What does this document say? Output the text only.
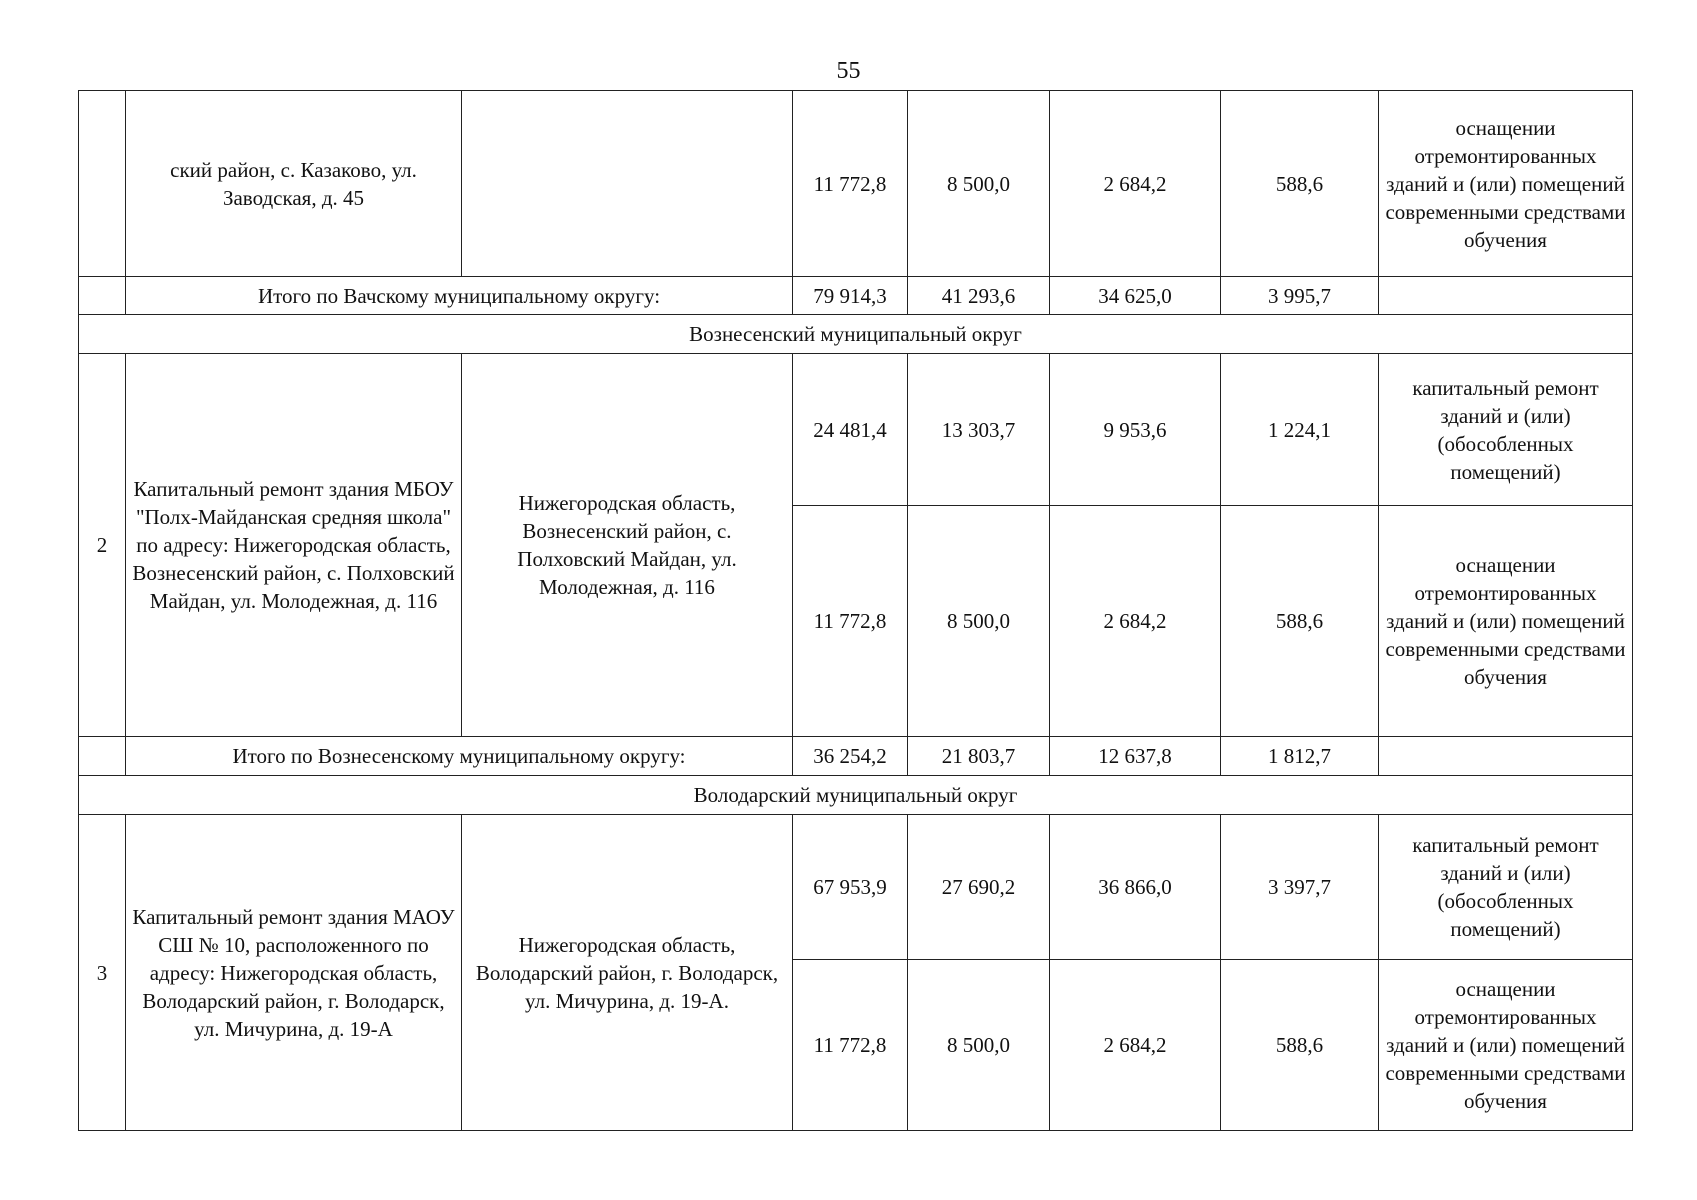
55
	ский район, с. Казаково, ул. Заводская, д. 45		11 772,8	8 500,0	2 684,2	588,6	оснащении отремонтированных зданий и (или) помещений современными средствами обучения
	Итого по Вачскому муниципальному округу:		79 914,3	41 293,6	34 625,0	3 995,7	
Вознесенский муниципальный округ							
2	Капитальный ремонт здания МБОУ "Полх-Майданская средняя школа" по адресу: Нижегородская область, Вознесенский район, с. Полховский Майдан, ул. Молодежная, д. 116	Нижегородская область, Вознесенский район, с. Полховский Майдан, ул. Молодежная, д. 116	24 481,4	13 303,7	9 953,6	1 224,1	капитальный ремонт зданий и (или) (обособленных помещений)
			11 772,8	8 500,0	2 684,2	588,6	оснащении отремонтированных зданий и (или) помещений современными средствами обучения
	Итого по Вознесенскому муниципальному округу:		36 254,2	21 803,7	12 637,8	1 812,7	
Володарский муниципальный округ							
3	Капитальный ремонт здания МАОУ СШ № 10, расположенного по адресу: Нижегородская область, Володарский район, г. Володарск, ул. Мичурина, д. 19-А	Нижегородская область, Володарский район, г. Володарск, ул. Мичурина, д. 19-А.	67 953,9	27 690,2	36 866,0	3 397,7	капитальный ремонт зданий и (или) (обособленных помещений)
			11 772,8	8 500,0	2 684,2	588,6	оснащении отремонтированных зданий и (или) помещений современными средствами обучения
